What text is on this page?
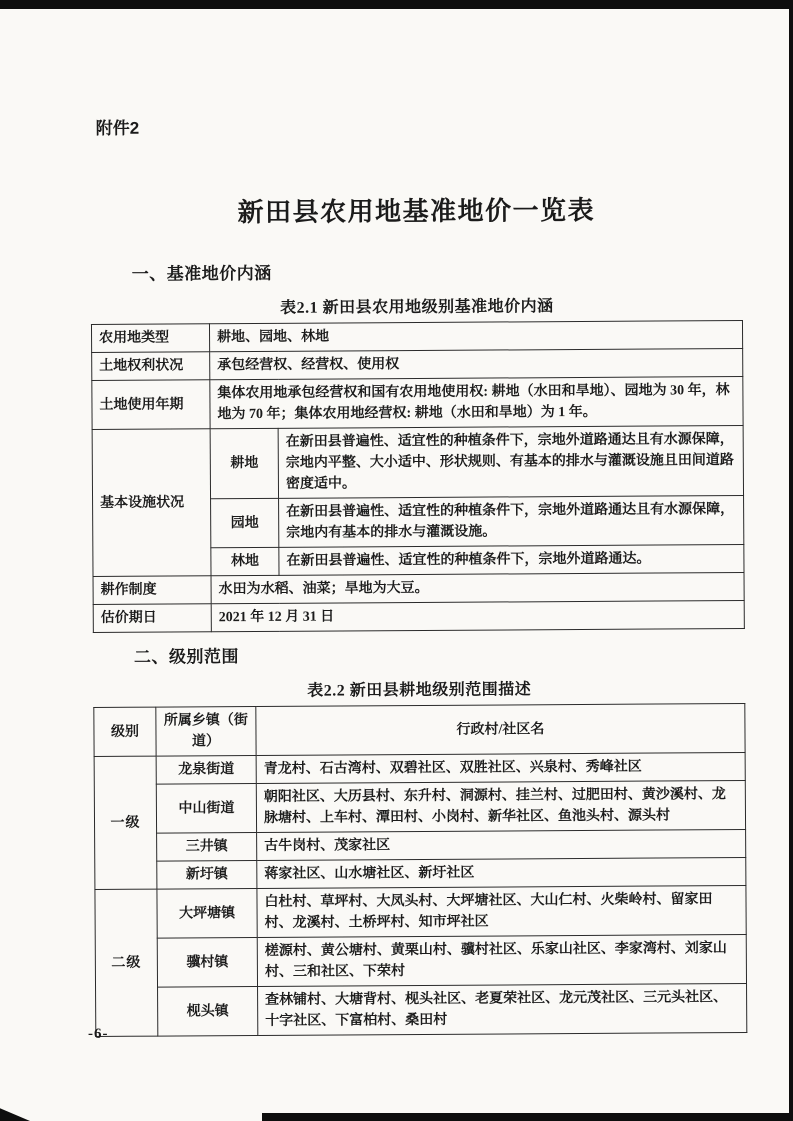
附件2
新田县农用地基准地价一览表
一、基准地价内涵
表2.1 新田县农用地级别基准地价内涵
农用地类型	耕地、园地、林地	
土地权利状况	承包经营权、经营权、使用权	
土地使用年期	集体农用地承包经营权和国有农用地使用权: 耕地（水田和旱地）、园地为 30 年，林地为 70 年；集体农用地经营权: 耕地（水田和旱地）为 1 年。	
基本设施状况	耕地	在新田县普遍性、适宜性的种植条件下，宗地外道路通达且有水源保障，宗地内平整、大小适中、形状规则、有基本的排水与灌溉设施且田间道路密度适中。
	园地	在新田县普遍性、适宜性的种植条件下，宗地外道路通达且有水源保障，宗地内有基本的排水与灌溉设施。
	林地	在新田县普遍性、适宜性的种植条件下，宗地外道路通达。
耕作制度	水田为水稻、油菜；旱地为大豆。	
估价期日	2021 年 12 月 31 日	
二、级别范围
表2.2 新田县耕地级别范围描述
级别	所属乡镇（街道）	行政村/社区名
一级	龙泉街道	青龙村、石古湾村、双碧社区、双胜社区、兴泉村、秀峰社区
	中山街道	朝阳社区、大历县村、东升村、洞源村、挂兰村、过肥田村、黄沙溪村、龙脉塘村、上车村、潭田村、小岗村、新华社区、鱼池头村、源头村
	三井镇	古牛岗村、茂家社区
	新圩镇	蒋家社区、山水塘社区、新圩社区
二级	大坪塘镇	白杜村、草坪村、大凤头村、大坪塘社区、大山仁村、火柴岭村、留家田村、龙溪村、土桥坪村、知市坪社区
	骥村镇	槎源村、黄公塘村、黄栗山村、骥村社区、乐家山社区、李家湾村、刘家山村、三和社区、下荣村
	枧头镇	查林铺村、大塘背村、枧头社区、老夏荣社区、龙元茂社区、三元头社区、十字社区、下富柏村、桑田村
-6-
